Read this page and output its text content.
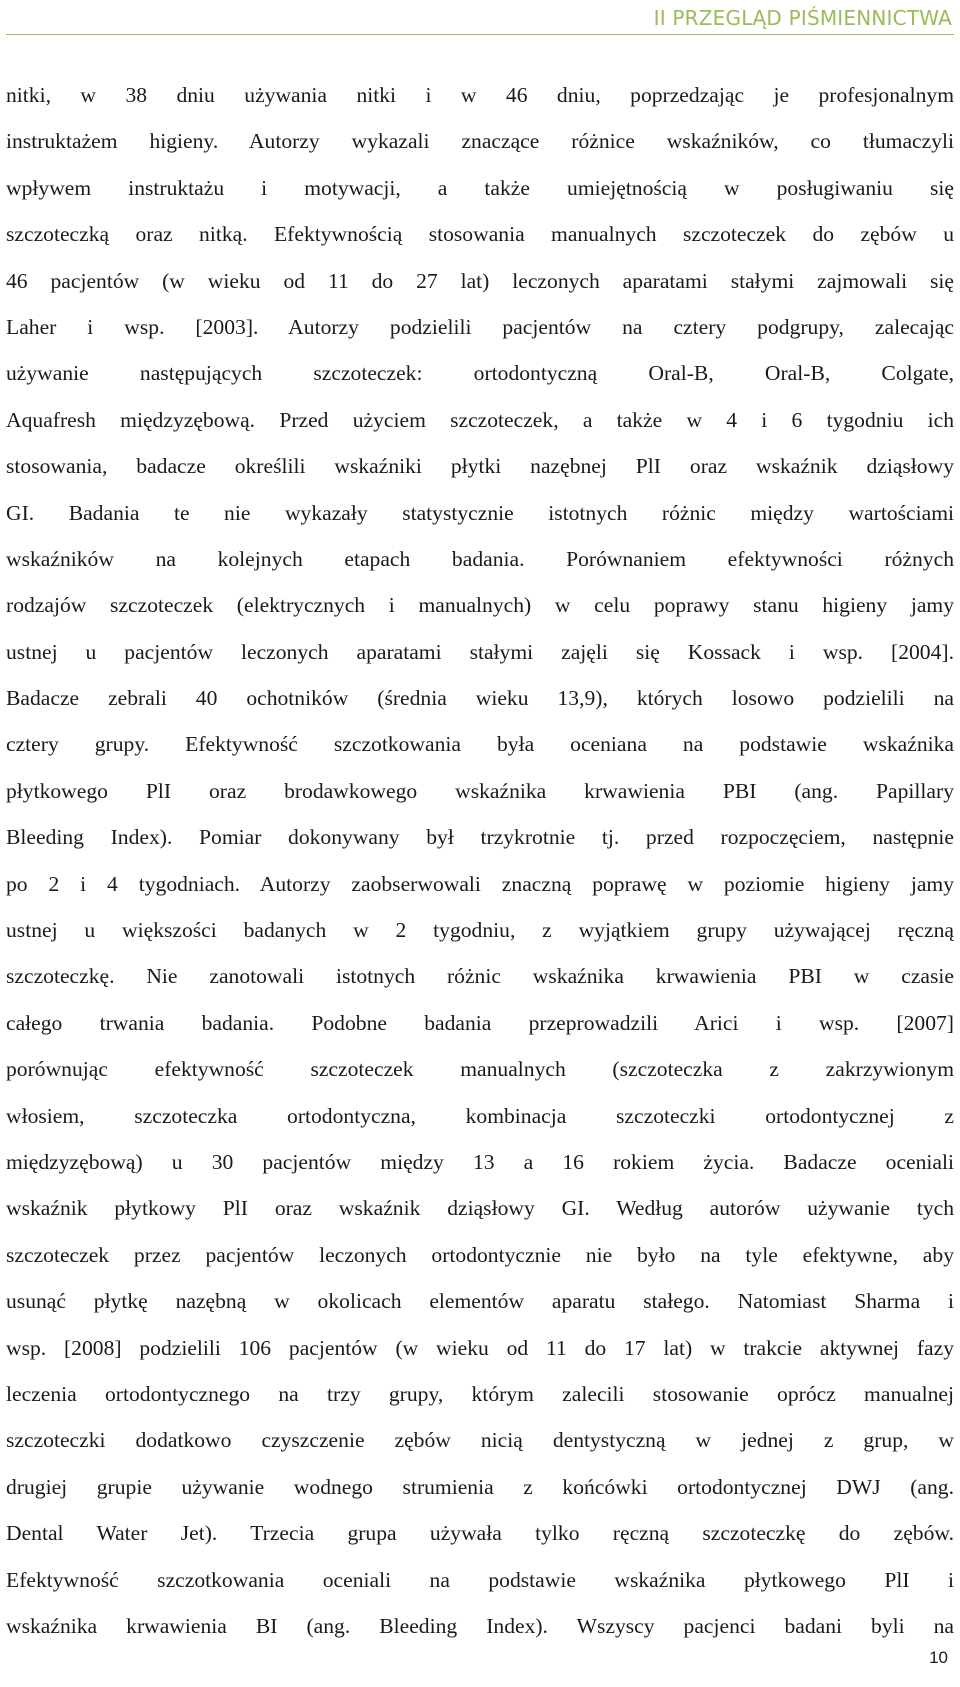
II PRZEGLĄD PIŚMIENNICTWA
nitki, w 38 dniu używania nitki i w 46 dniu, poprzedzając je profesjonalnym
instruktażem higieny. Autorzy wykazali znaczące różnice wskaźników, co tłumaczyli
wpływem instruktażu i motywacji, a także umiejętnością w posługiwaniu się
szczoteczką oraz nitką. Efektywnością stosowania manualnych szczoteczek do zębów u
46 pacjentów (w wieku od 11 do 27 lat) leczonych aparatami stałymi zajmowali się
Laher i wsp. [2003]. Autorzy podzielili pacjentów na cztery podgrupy, zalecając
używanie następujących szczoteczek: ortodontyczną Oral-B, Oral-B, Colgate,
Aquafresh międzyzębową. Przed użyciem szczoteczek, a także w 4 i 6 tygodniu ich
stosowania, badacze określili wskaźniki płytki nazębnej PlI oraz wskaźnik dziąsłowy
GI. Badania te nie wykazały statystycznie istotnych różnic między wartościami
wskaźników na kolejnych etapach badania. Porównaniem efektywności różnych
rodzajów szczoteczek (elektrycznych i manualnych) w celu poprawy stanu higieny jamy
ustnej u pacjentów leczonych aparatami stałymi zajęli się Kossack i wsp. [2004].
Badacze zebrali 40 ochotników (średnia wieku 13,9), których losowo podzielili na
cztery grupy. Efektywność szczotkowania była oceniana na podstawie wskaźnika
płytkowego PlI oraz brodawkowego wskaźnika krwawienia PBI (ang. Papillary
Bleeding Index). Pomiar dokonywany był trzykrotnie tj. przed rozpoczęciem, następnie
po 2 i 4 tygodniach. Autorzy zaobserwowali znaczną poprawę w poziomie higieny jamy
ustnej u większości badanych w 2 tygodniu, z wyjątkiem grupy używającej ręczną
szczoteczkę. Nie zanotowali istotnych różnic wskaźnika krwawienia PBI w czasie
całego trwania badania. Podobne badania przeprowadzili Arici i wsp. [2007]
porównując efektywność szczoteczek manualnych (szczoteczka z zakrzywionym
włosiem, szczoteczka ortodontyczna, kombinacja szczoteczki ortodontycznej z
międzyzębową) u 30 pacjentów między 13 a 16 rokiem życia. Badacze oceniali
wskaźnik płytkowy PlI oraz wskaźnik dziąsłowy GI. Według autorów używanie tych
szczoteczek przez pacjentów leczonych ortodontycznie nie było na tyle efektywne, aby
usunąć płytkę nazębną w okolicach elementów aparatu stałego. Natomiast Sharma i
wsp. [2008] podzielili 106 pacjentów (w wieku od 11 do 17 lat) w trakcie aktywnej fazy
leczenia ortodontycznego na trzy grupy, którym zalecili stosowanie oprócz manualnej
szczoteczki dodatkowo czyszczenie zębów nicią dentystyczną w jednej z grup, w
drugiej grupie używanie wodnego strumienia z końcówki ortodontycznej DWJ (ang.
Dental Water Jet). Trzecia grupa używała tylko ręczną szczoteczkę do zębów.
Efektywność szczotkowania oceniali na podstawie wskaźnika płytkowego PlI i
wskaźnika krwawienia BI (ang. Bleeding Index). Wszyscy pacjenci badani byli na
10
